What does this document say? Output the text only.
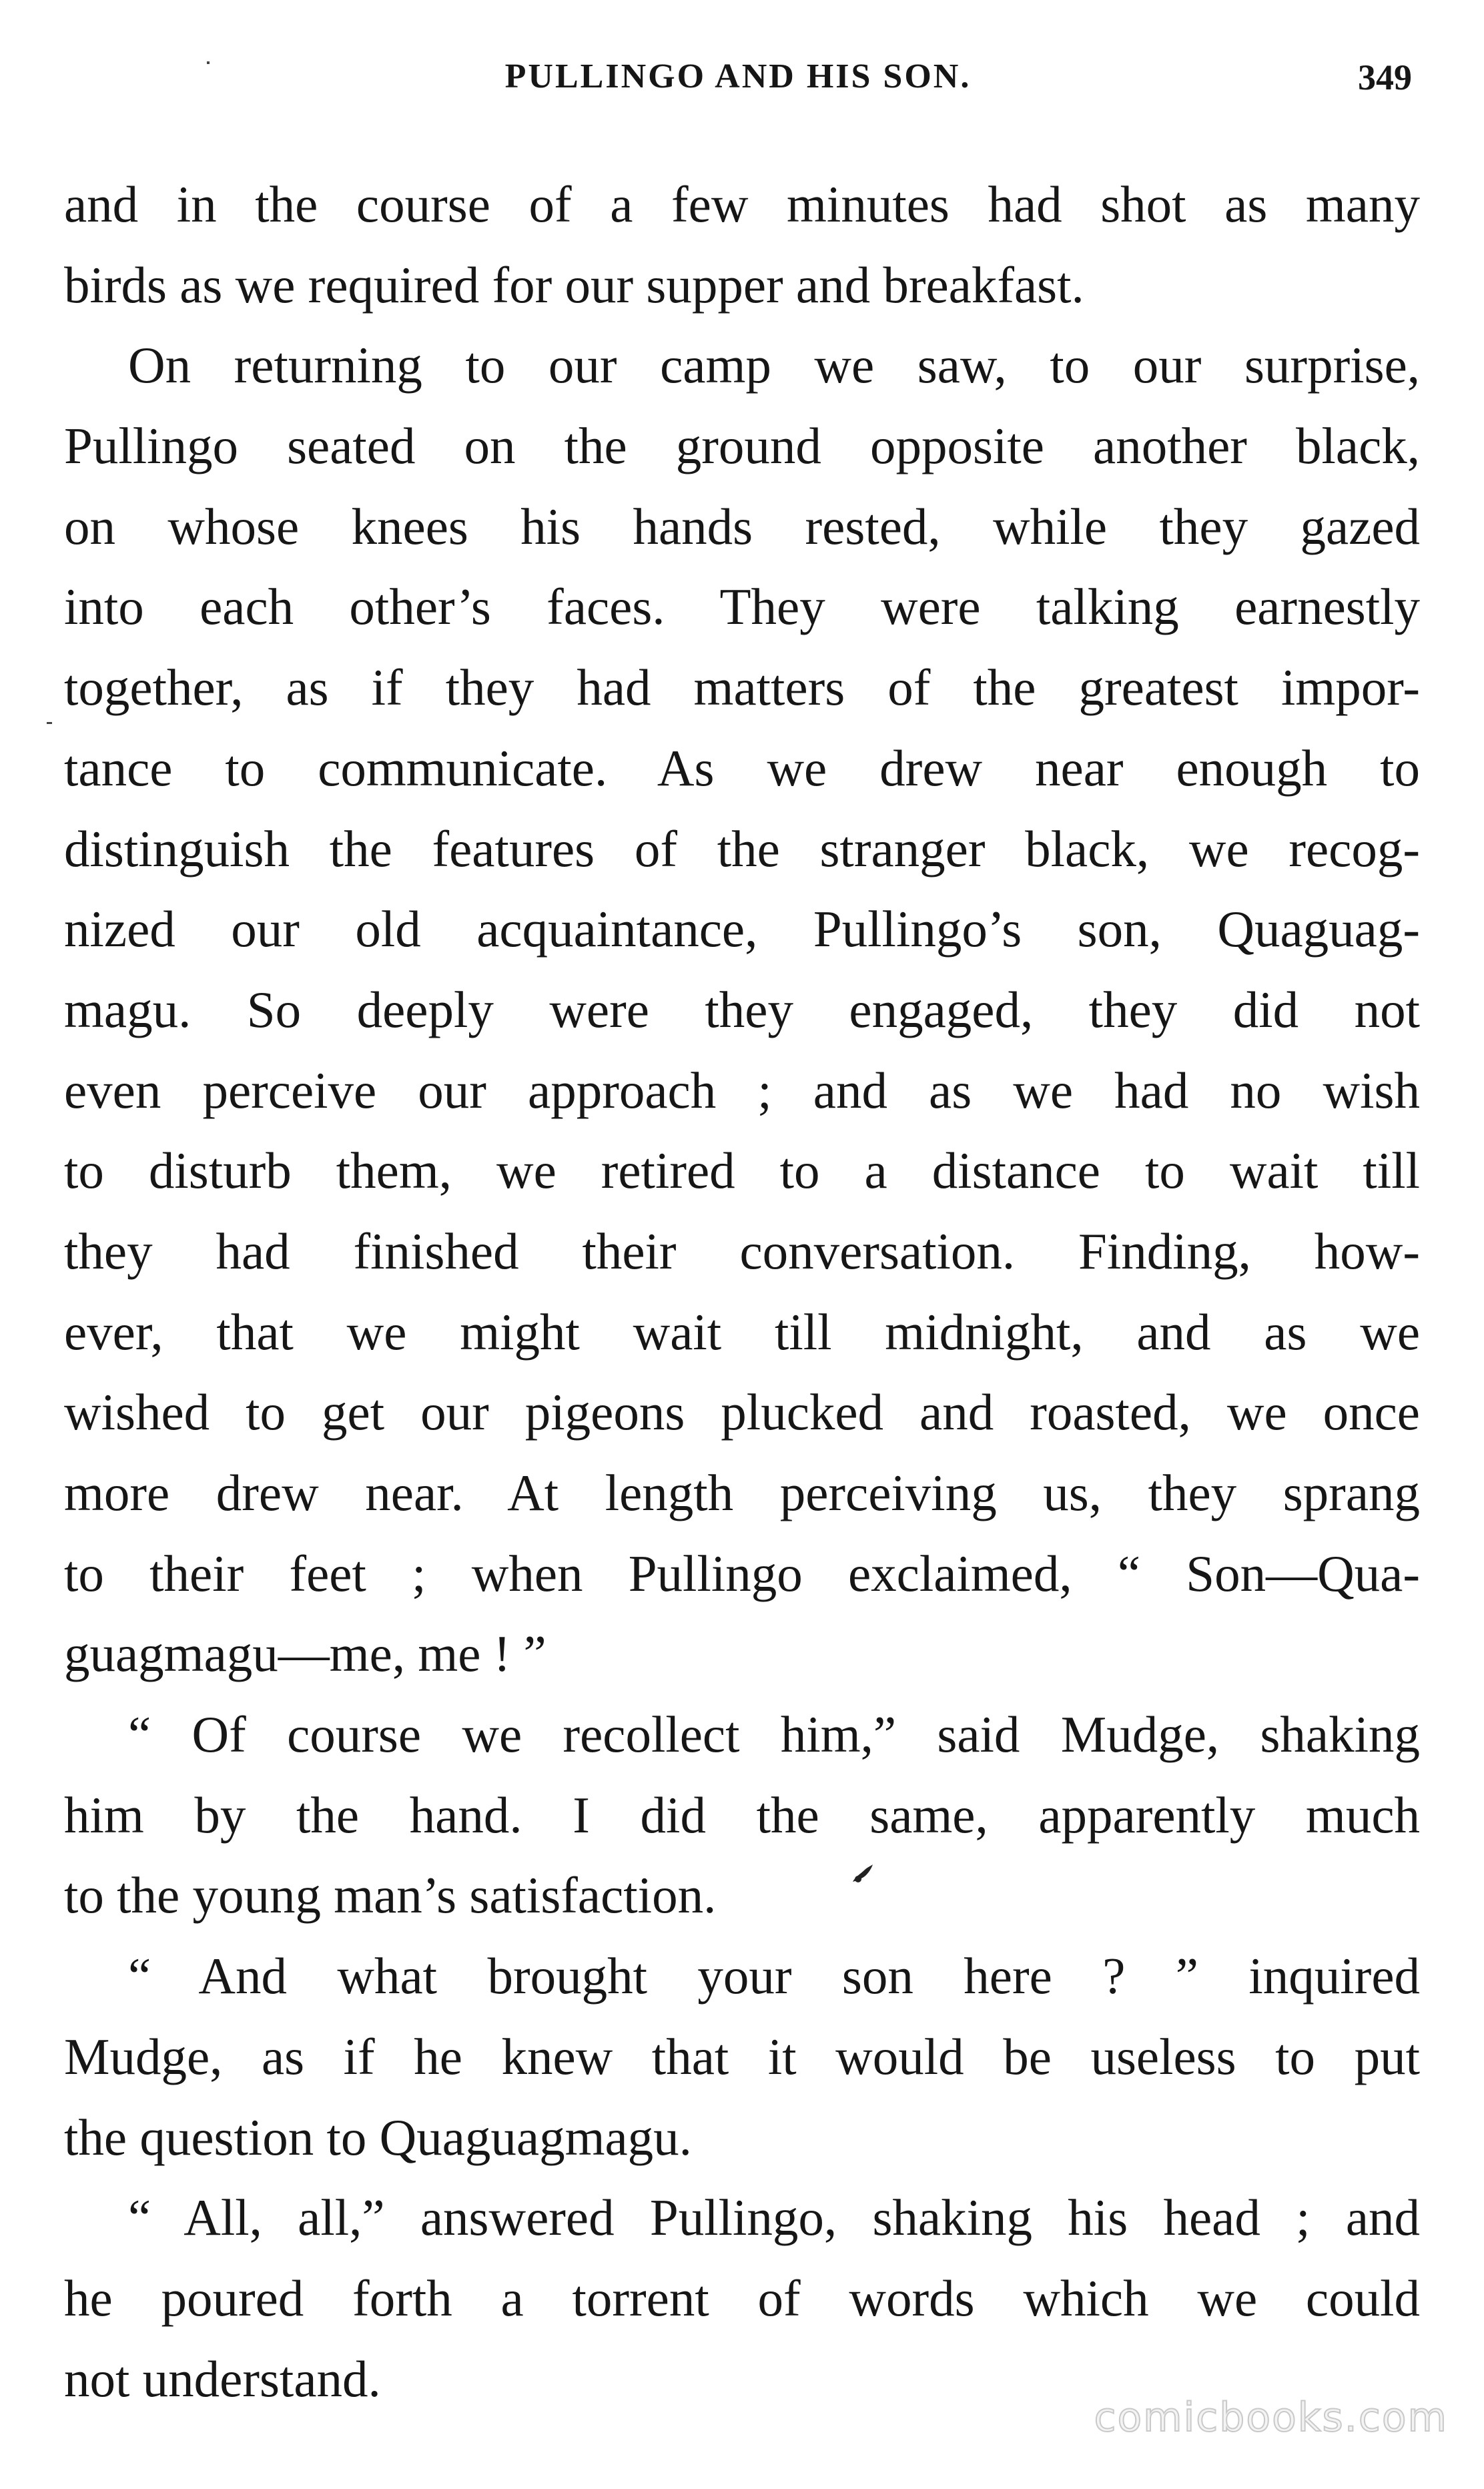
PULLINGO AND HIS SON.	349
and in the course of a few minutes had shot as many
birds as we required for our supper and breakfast.
On returning to our camp we saw, to our surprise,
Pullingo seated on the ground opposite another black,
on whose knees his hands rested, while they gazed
into each other’s faces. They were talking earnestly
together, as if they had matters of the greatest impor-
tance to communicate. As we drew near enough to
distinguish the features of the stranger black, we recog-
nized our old acquaintance, Pullingo’s son, Quaguag-
magu. So deeply were they engaged, they did not
even perceive our approach ; and as we had no wish
to disturb them, we retired to a distance to wait till
they had finished their conversation. Finding, how-
ever, that we might wait till midnight, and as we
wished to get our pigeons plucked and roasted, we once
more drew near. At length perceiving us, they sprang
to their feet ; when Pullingo exclaimed, “ Son—Qua-
guagmagu—me, me ! ”
“ Of course we recollect him,” said Mudge, shaking
him by the hand. I did the same, apparently much
to the young man’s satisfaction.
“ And what brought your son here ? ” inquired
Mudge, as if he knew that it would be useless to put
the question to Quaguagmagu.
“ All, all,” answered Pullingo, shaking his head ; and
he poured forth a torrent of words which we could
not understand.
comicbooks.com
